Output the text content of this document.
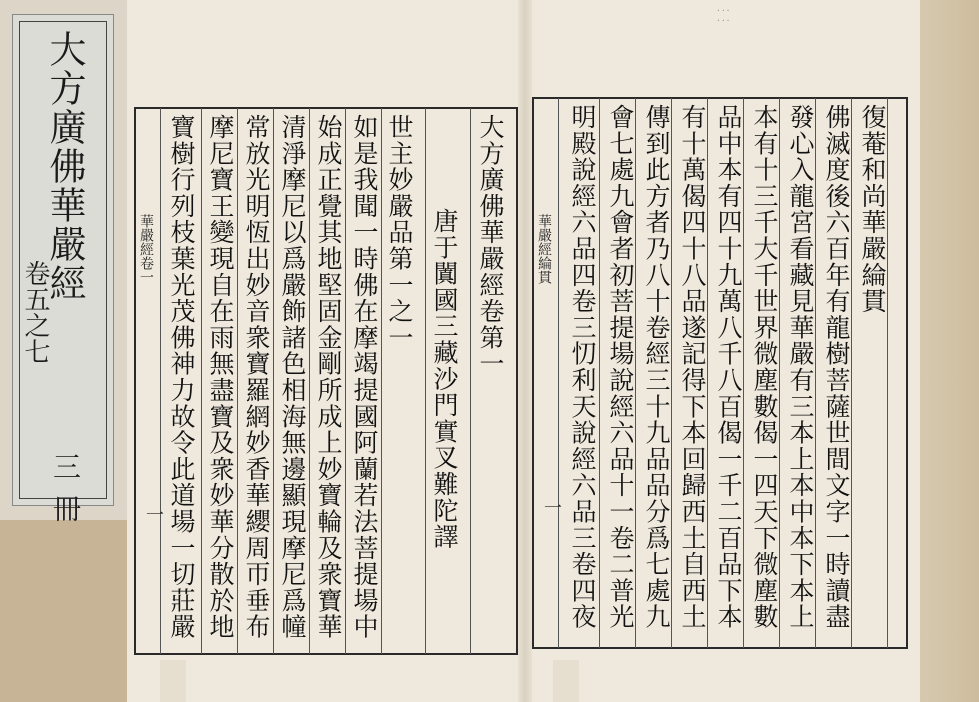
大方廣佛華嚴經
卷五之七
三冊
...
...
大方廣佛華嚴經卷第一
唐于闐國三藏沙門實叉難陀譯
世主妙嚴品第一之一
如是我聞一時佛在摩竭提國阿蘭若法菩提場中
始成正覺其地堅固金剛所成上妙寶輪及衆寶華
清淨摩尼以爲嚴飾諸色相海無邊顯現摩尼爲幢
常放光明恆出妙音衆寶羅網妙香華纓周帀垂布
摩尼寶王變現自在雨無盡寶及衆妙華分散於地
寶樹行列枝葉光茂佛神力故令此道場一切莊嚴
華嚴經卷一
一
復菴和尚華嚴綸貫
佛滅度後六百年有龍樹菩薩世間文字一時讀盡
發心入龍宮看藏見華嚴有三本上本中本下本上
本有十三千大千世界微塵數偈一四天下微塵數
品中本有四十九萬八千八百偈一千二百品下本
有十萬偈四十八品遂記得下本回歸西土自西土
傳到此方者乃八十卷經三十九品品分爲七處九
會七處九會者初菩提場說經六品十一卷二普光
明殿說經六品四卷三忉利天說經六品三卷四夜
華嚴經綸貫
一
